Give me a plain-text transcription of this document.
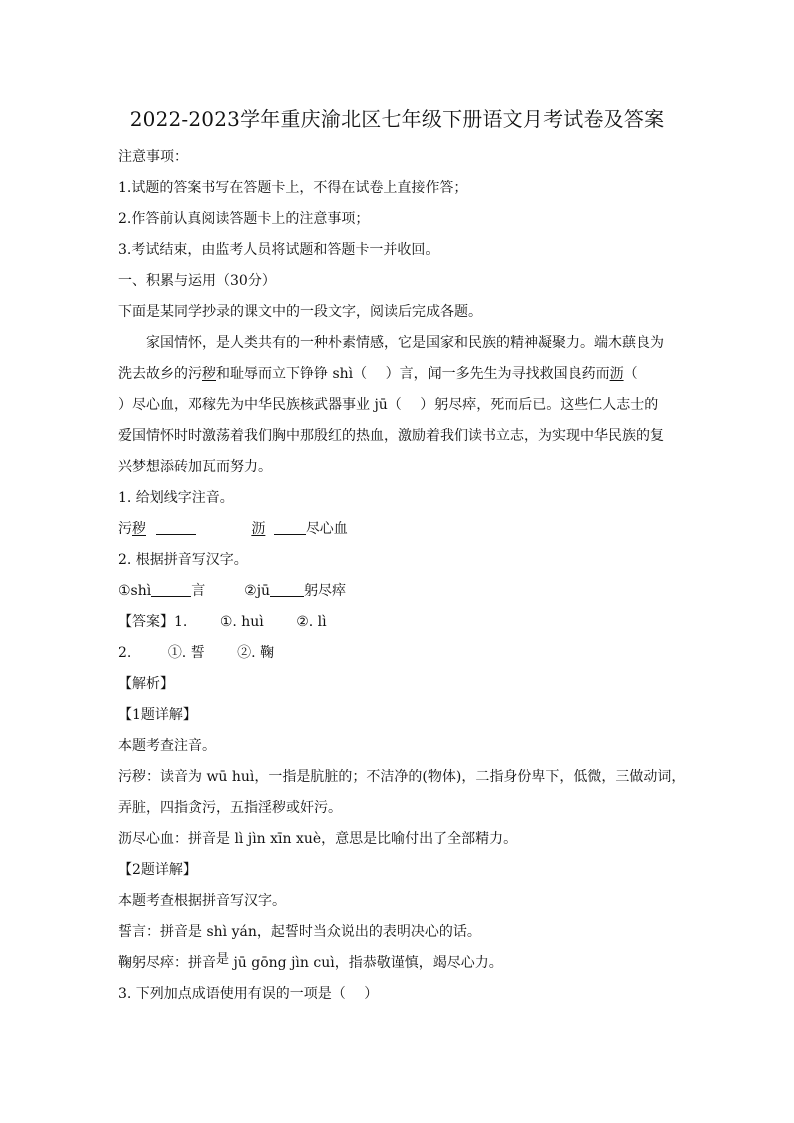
2022-2023学年重庆渝北区七年级下册语文月考试卷及答案
注意事项：
1.试题的答案书写在答题卡上，不得在试卷上直接作答；
2.作答前认真阅读答题卡上的注意事项；
3.考试结束，由监考人员将试题和答题卡一并收回。
一、积累与运用（30分）
下面是某同学抄录的课文中的一段文字，阅读后完成各题。
家国情怀，是人类共有的一种朴素情感，它是国家和民族的精神凝聚力。端木蕻良为
洗去故乡的污秽和耻辱而立下铮铮 shì（　 ）言，闻一多先生为寻找救国良药而沥（
）尽心血，邓稼先为中华民族核武器事业 jū（　 ）躬尽瘁，死而后已。这些仁人志士的
爱国情怀时时激荡着我们胸中那殷红的热血，激励着我们读书立志，为实现中华民族的复
兴梦想添砖加瓦而努力。
1. 给划线字注音。
污秽	沥	尽心血
2. 根据拼音写汉字。
①shì	言	②jū 躬尽瘁
【答案】1. ①. huì ②. lì
2.	①. 誓 ②. 鞠
【解析】
【1题详解】
本题考查注音。
污秽：读音为 wū huì，一指是肮脏的；不洁净的(物体)，二指身份卑下，低微，三做动词，
弄脏，四指贪污，五指淫秽或奸污。
沥尽心血：拼音是 lì jìn xīn xuè，意思是比喻付出了全部精力。
【2题详解】
本题考查根据拼音写汉字。
誓言：拼音是 shì yán，起誓时当众说出的表明决心的话。
鞠躬尽瘁：拼音是 jū gōng jìn cuì，指恭敬谨慎，竭尽心力。
3. 下列加点成语使用有误的一项是（　 ）
